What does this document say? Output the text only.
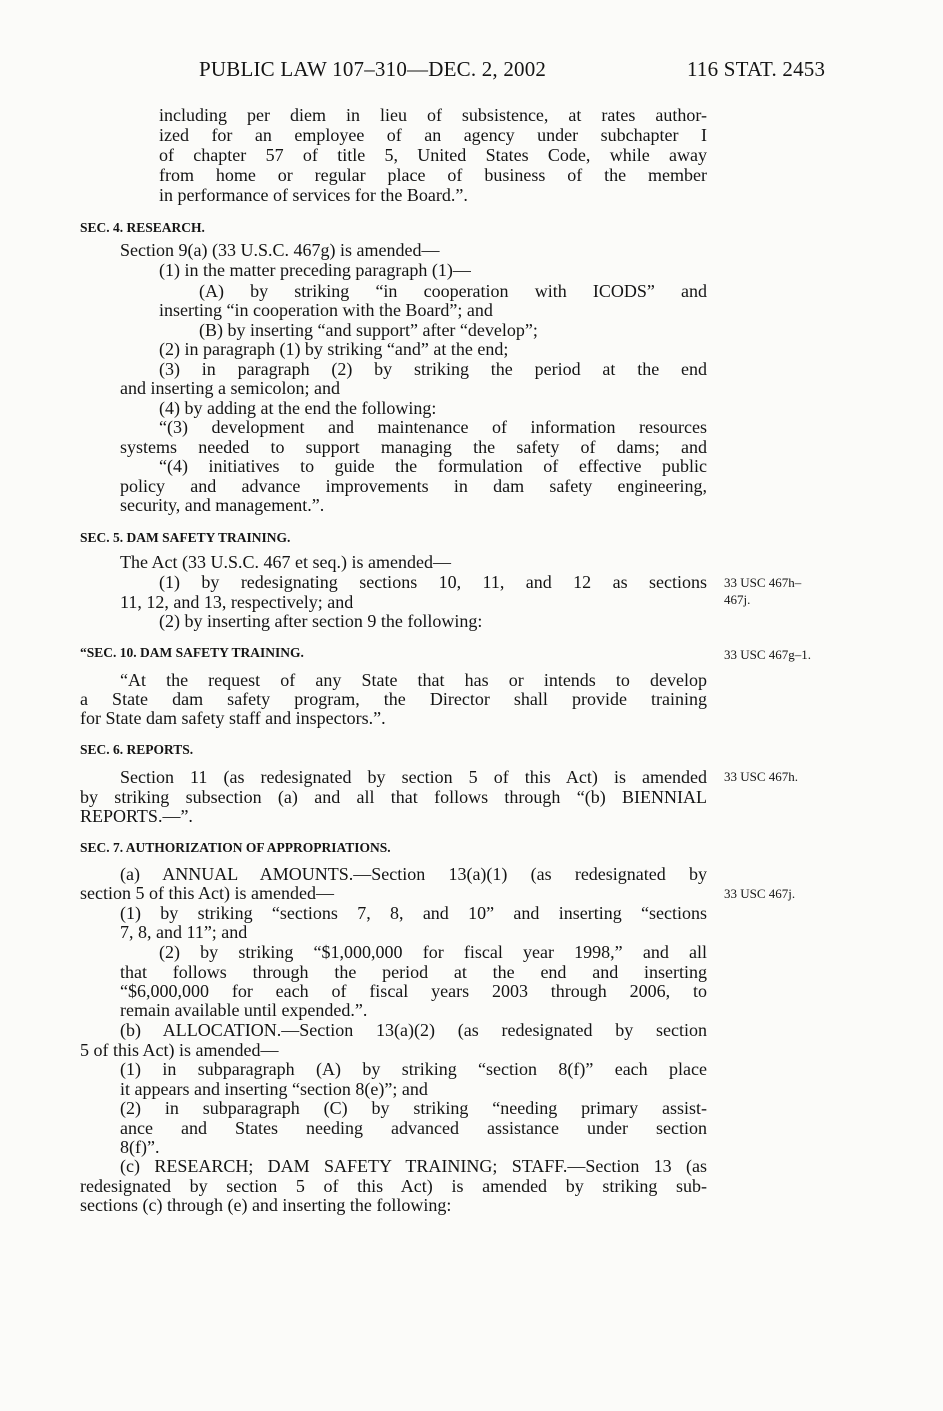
PUBLIC LAW 107–310—DEC. 2, 2002	116 STAT. 2453
including per diem in lieu of subsistence, at rates author-
ized for an employee of an agency under subchapter I
of chapter 57 of title 5, United States Code, while away
from home or regular place of business of the member
in performance of services for the Board.”.
SEC. 4. RESEARCH.
Section 9(a) (33 U.S.C. 467g) is amended—
(1) in the matter preceding paragraph (1)—
(A) by striking “in cooperation with ICODS” and
inserting “in cooperation with the Board”; and
(B) by inserting “and support” after “develop”;
(2) in paragraph (1) by striking “and” at the end;
(3) in paragraph (2) by striking the period at the end
and inserting a semicolon; and
(4) by adding at the end the following:
“(3) development and maintenance of information resources
systems needed to support managing the safety of dams; and
“(4) initiatives to guide the formulation of effective public
policy and advance improvements in dam safety engineering,
security, and management.”.
SEC. 5. DAM SAFETY TRAINING.
The Act (33 U.S.C. 467 et seq.) is amended—
(1) by redesignating sections 10, 11, and 12 as sections
11, 12, and 13, respectively; and
(2) by inserting after section 9 the following:
33 USC 467h–
467j.
“SEC. 10. DAM SAFETY TRAINING.	33 USC 467g–1.
“At the request of any State that has or intends to develop
a State dam safety program, the Director shall provide training
for State dam safety staff and inspectors.”.
SEC. 6. REPORTS.
33 USC 467h.
Section 11 (as redesignated by section 5 of this Act) is amended
by striking subsection (a) and all that follows through “(b) BIENNIAL
REPORTS.—”.
SEC. 7. AUTHORIZATION OF APPROPRIATIONS.
33 USC 467j.
(a) ANNUAL AMOUNTS.—Section 13(a)(1) (as redesignated by
section 5 of this Act) is amended—
(1) by striking “sections 7, 8, and 10” and inserting “sections
7, 8, and 11”; and
(2) by striking “$1,000,000 for fiscal year 1998,” and all
that follows through the period at the end and inserting
“$6,000,000 for each of fiscal years 2003 through 2006, to
remain available until expended.”.
(b) ALLOCATION.—Section 13(a)(2) (as redesignated by section
5 of this Act) is amended—
(1) in subparagraph (A) by striking “section 8(f)” each place
it appears and inserting “section 8(e)”; and
(2) in subparagraph (C) by striking “needing primary assist-
ance and States needing advanced assistance under section
8(f)”.
(c) RESEARCH; DAM SAFETY TRAINING; STAFF.—Section 13 (as
redesignated by section 5 of this Act) is amended by striking sub-
sections (c) through (e) and inserting the following:
